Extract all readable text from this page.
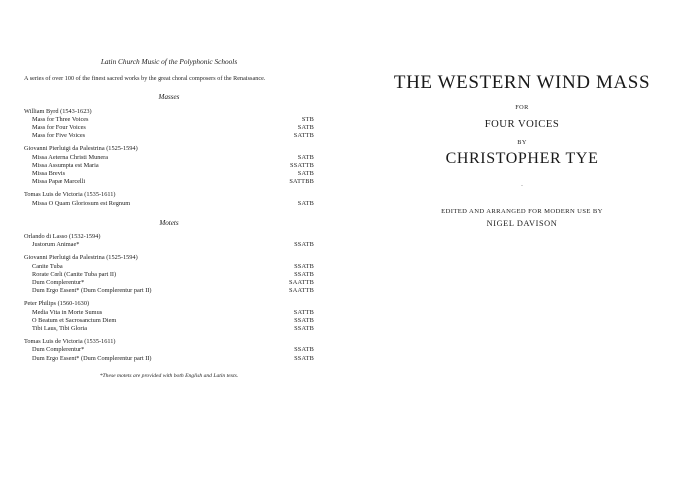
Latin Church Music of the Polyphonic Schools
A series of over 100 of the finest sacred works by the great choral composers of the Renaissance.
Masses
William Byrd (1543-1623)
Mass for Three Voices	STB
Mass for Four Voices	SATB
Mass for Five Voices	SATTB
Giovanni Pierluigi da Palestrina (1525-1594)
Missa Aeterna Christi Munera	SATB
Missa Assumpta est Maria	SSATTB
Missa Brevis	SATB
Missa Papæ Marcelli	SATTBB
Tomas Luis de Victoria (1535-1611)
Missa O Quam Gloriosum est Regnum	SATB
Motets
Orlando di Lasso (1532-1594)
Justorum Animae*	SSATB
Giovanni Pierluigi da Palestrina (1525-1594)
Canite Tuba	SSATB
Rorate Cœli (Canite Tuba part II)	SSATB
Dum Complerentur*	SAATTB
Dum Ergo Essent* (Dum Complerentur part II)	SAATTB
Peter Philips (1560-1630)
Media Vita in Morte Sumus	SATTB
O Beatum et Sacrosanctum Diem	SSATB
Tibi Laus, Tibi Gloria	SSATB
Tomas Luis de Victoria (1535-1611)
Dum Complerentur*	SSATB
Dum Ergo Essent* (Dum Complerentur part II)	SSATB
*These motets are provided with both English and Latin texts.
THE WESTERN WIND MASS
FOR
FOUR VOICES
BY
CHRISTOPHER TYE
.
EDITED AND ARRANGED FOR MODERN USE BY
NIGEL DAVISON
